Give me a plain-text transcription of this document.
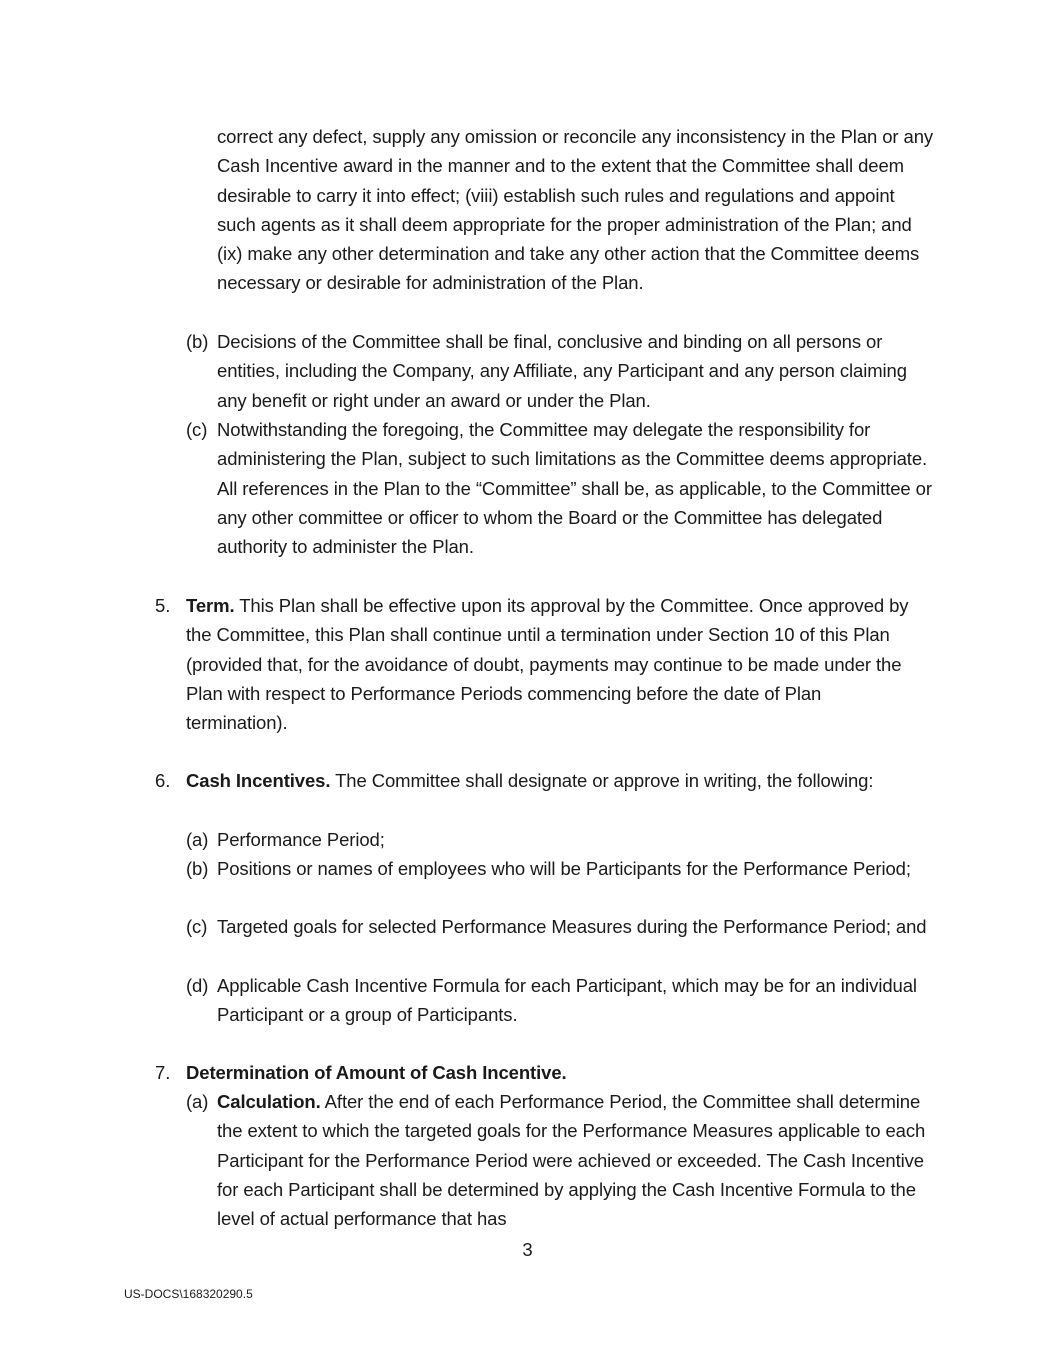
correct any defect, supply any omission or reconcile any inconsistency in the Plan or any Cash Incentive award in the manner and to the extent that the Committee shall deem desirable to carry it into effect; (viii) establish such rules and regulations and appoint such agents as it shall deem appropriate for the proper administration of the Plan; and (ix) make any other determination and take any other action that the Committee deems necessary or desirable for administration of the Plan.
(b) Decisions of the Committee shall be final, conclusive and binding on all persons or entities, including the Company, any Affiliate, any Participant and any person claiming any benefit or right under an award or under the Plan.
(c) Notwithstanding the foregoing, the Committee may delegate the responsibility for administering the Plan, subject to such limitations as the Committee deems appropriate. All references in the Plan to the “Committee” shall be, as applicable, to the Committee or any other committee or officer to whom the Board or the Committee has delegated authority to administer the Plan.
5. Term. This Plan shall be effective upon its approval by the Committee. Once approved by the Committee, this Plan shall continue until a termination under Section 10 of this Plan (provided that, for the avoidance of doubt, payments may continue to be made under the Plan with respect to Performance Periods commencing before the date of Plan termination).
6. Cash Incentives. The Committee shall designate or approve in writing, the following:
(a) Performance Period;
(b) Positions or names of employees who will be Participants for the Performance Period;
(c) Targeted goals for selected Performance Measures during the Performance Period; and
(d) Applicable Cash Incentive Formula for each Participant, which may be for an individual Participant or a group of Participants.
7. Determination of Amount of Cash Incentive.
(a) Calculation. After the end of each Performance Period, the Committee shall determine the extent to which the targeted goals for the Performance Measures applicable to each Participant for the Performance Period were achieved or exceeded. The Cash Incentive for each Participant shall be determined by applying the Cash Incentive Formula to the level of actual performance that has
3
US-DOCS\168320290.5
